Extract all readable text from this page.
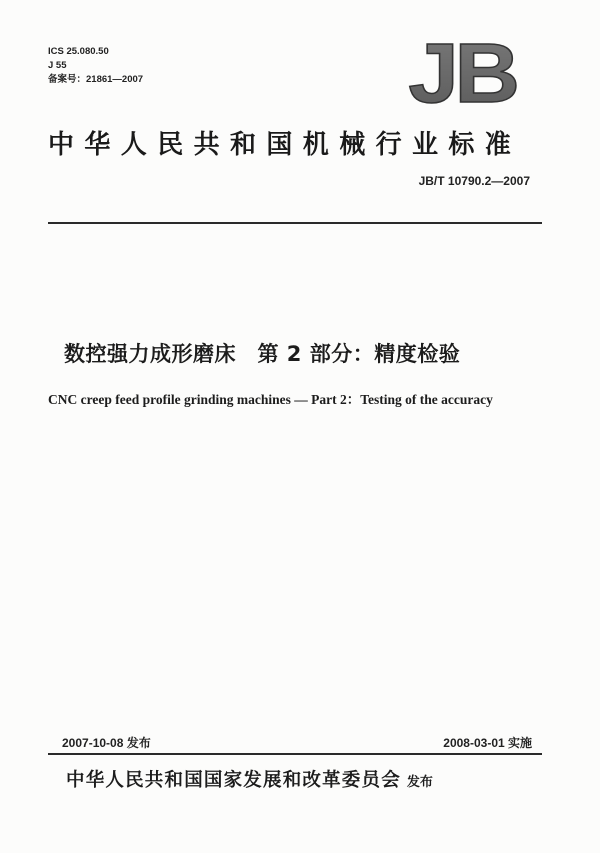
ICS 25.080.50
J 55
备案号：21861—2007	JB
中华人民共和国机械行业标准
JB/T 10790.2—2007
数控强力成形磨床　第 2 部分：精度检验
CNC creep feed profile grinding machines — Part 2：Testing of the accuracy
2007-10-08 发布	2008-03-01 实施
中华人民共和国国家发展和改革委员会 发布
